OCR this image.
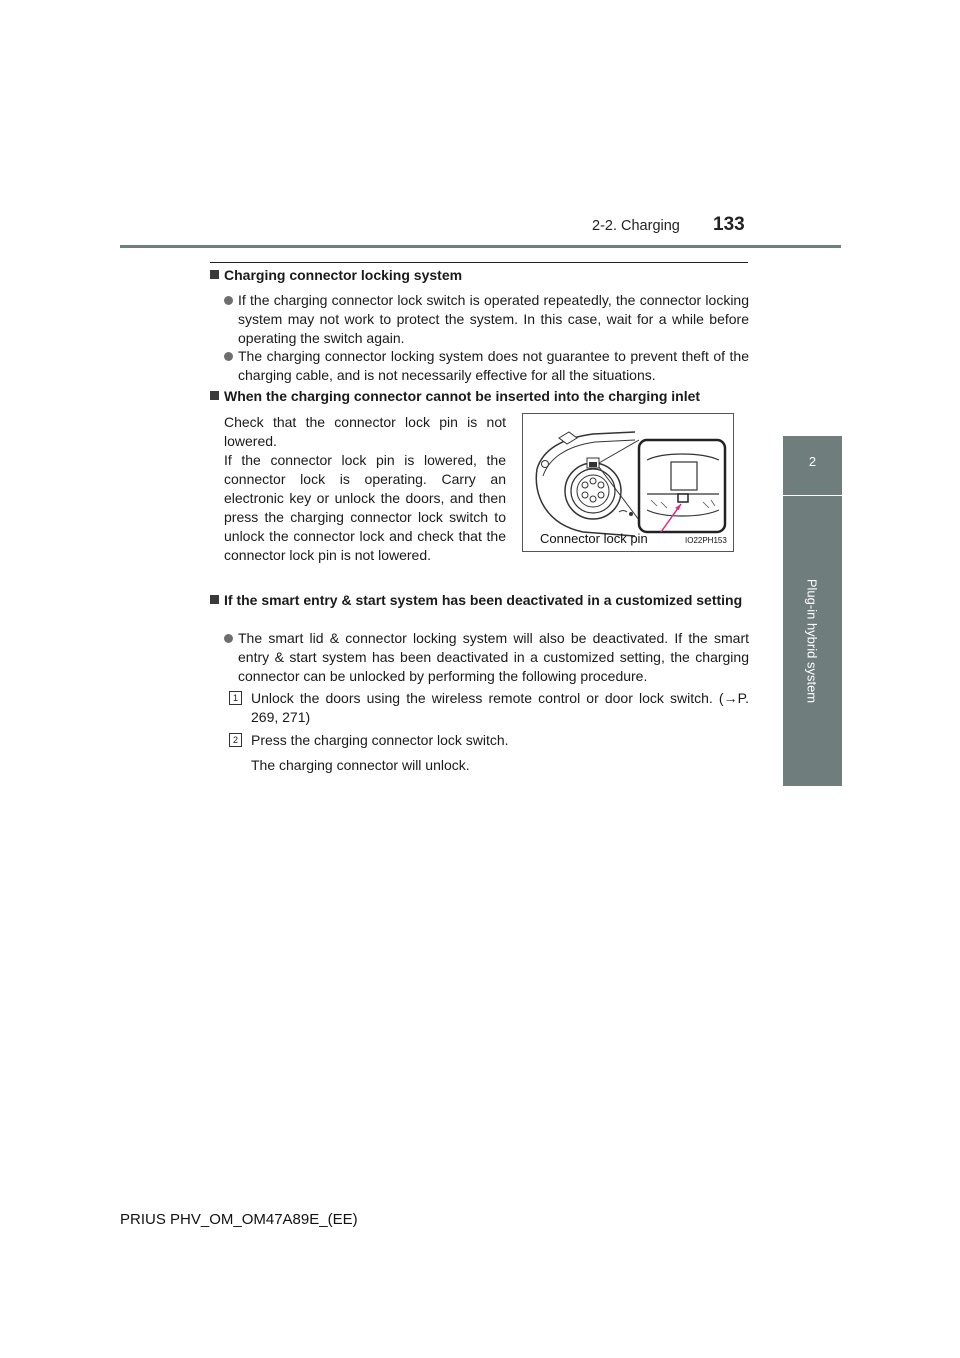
2-2. Charging 133
2
Plug-in hybrid system
Charging connector locking system
If the charging connector lock switch is operated repeatedly, the connector locking system may not work to protect the system. In this case, wait for a while before operating the switch again.
The charging connector locking system does not guarantee to prevent theft of the charging cable, and is not necessarily effective for all the situations.
When the charging connector cannot be inserted into the charging inlet
Check that the connector lock pin is not lowered.
If the connector lock pin is lowered, the connector lock is operating. Carry an electronic key or unlock the doors, and then press the charging connector lock switch to unlock the connector lock and check that the connector lock pin is not lowered.
Connector lock pin	IO22PH153
If the smart entry & start system has been deactivated in a customized setting
The smart lid & connector locking system will also be deactivated. If the smart entry & start system has been deactivated in a customized setting, the charging connector can be unlocked by performing the following procedure.
1 Unlock the doors using the wireless remote control or door lock switch. (→P. 269, 271)
2 Press the charging connector lock switch.
The charging connector will unlock.
PRIUS PHV_OM_OM47A89E_(EE)
